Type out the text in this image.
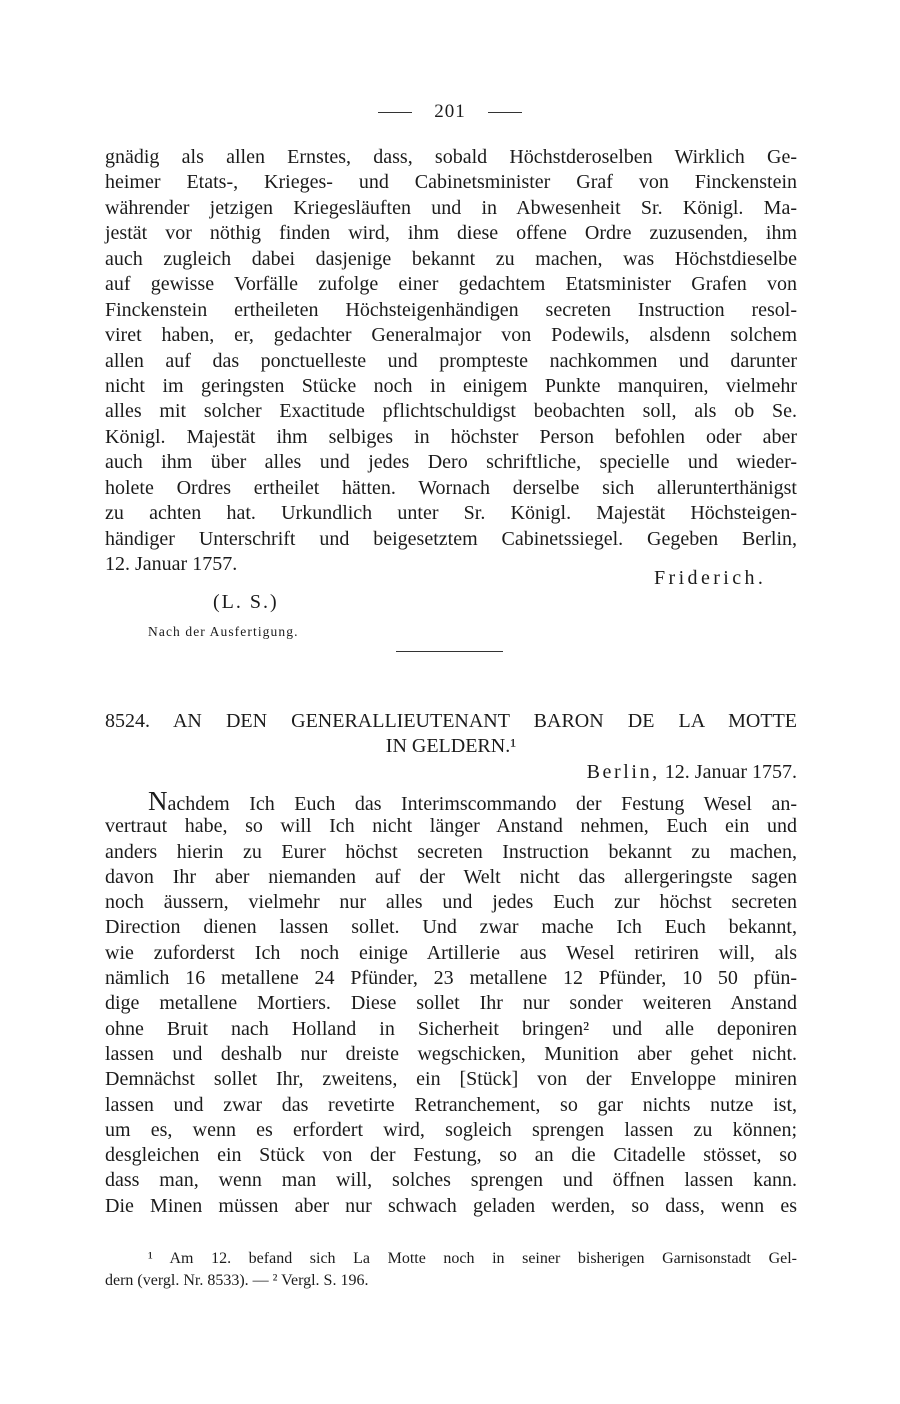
201
gnädig als allen Ernstes, dass, sobald Höchstderoselben Wirklich Ge-
heimer Etats-, Krieges- und Cabinetsminister Graf von Finckenstein
währender jetzigen Kriegesläuften und in Abwesenheit Sr. Königl. Ma-
jestät vor nöthig finden wird, ihm diese offene Ordre zuzusenden, ihm
auch zugleich dabei dasjenige bekannt zu machen, was Höchstdieselbe
auf gewisse Vorfälle zufolge einer gedachtem Etatsminister Grafen von
Finckenstein ertheileten Höchsteigenhändigen secreten Instruction resol-
viret haben, er, gedachter Generalmajor von Podewils, alsdenn solchem
allen auf das ponctuelleste und prompteste nachkommen und darunter
nicht im geringsten Stücke noch in einigem Punkte manquiren, vielmehr
alles mit solcher Exactitude pflichtschuldigst beobachten soll, als ob Se.
Königl. Majestät ihm selbiges in höchster Person befohlen oder aber
auch ihm über alles und jedes Dero schriftliche, specielle und wieder-
holete Ordres ertheilet hätten. Wornach derselbe sich allerunterthänigst
zu achten hat. Urkundlich unter Sr. Königl. Majestät Höchsteigen-
händiger Unterschrift und beigesetztem Cabinetssiegel. Gegeben Berlin,
12. Januar 1757.
Friderich.
(L. S.)
Nach der Ausfertigung.
8524. AN DEN GENERALLIEUTENANT BARON DE LA MOTTE
IN GELDERN.¹
Berlin, 12. Januar 1757.
Nachdem Ich Euch das Interimscommando der Festung Wesel an-
vertraut habe, so will Ich nicht länger Anstand nehmen, Euch ein und
anders hierin zu Eurer höchst secreten Instruction bekannt zu machen,
davon Ihr aber niemanden auf der Welt nicht das allergeringste sagen
noch äussern, vielmehr nur alles und jedes Euch zur höchst secreten
Direction dienen lassen sollet. Und zwar mache Ich Euch bekannt,
wie zuforderst Ich noch einige Artillerie aus Wesel retiriren will, als
nämlich 16 metallene 24 Pfünder, 23 metallene 12 Pfünder, 10 50 pfün-
dige metallene Mortiers. Diese sollet Ihr nur sonder weiteren Anstand
ohne Bruit nach Holland in Sicherheit bringen² und alle deponiren
lassen und deshalb nur dreiste wegschicken, Munition aber gehet nicht.
Demnächst sollet Ihr, zweitens, ein [Stück] von der Enveloppe miniren
lassen und zwar das revetirte Retranchement, so gar nichts nutze ist,
um es, wenn es erfordert wird, sogleich sprengen lassen zu können;
desgleichen ein Stück von der Festung, so an die Citadelle stösset, so
dass man, wenn man will, solches sprengen und öffnen lassen kann.
Die Minen müssen aber nur schwach geladen werden, so dass, wenn es
¹ Am 12. befand sich La Motte noch in seiner bisherigen Garnisonstadt Gel-
dern (vergl. Nr. 8533). — ² Vergl. S. 196.
